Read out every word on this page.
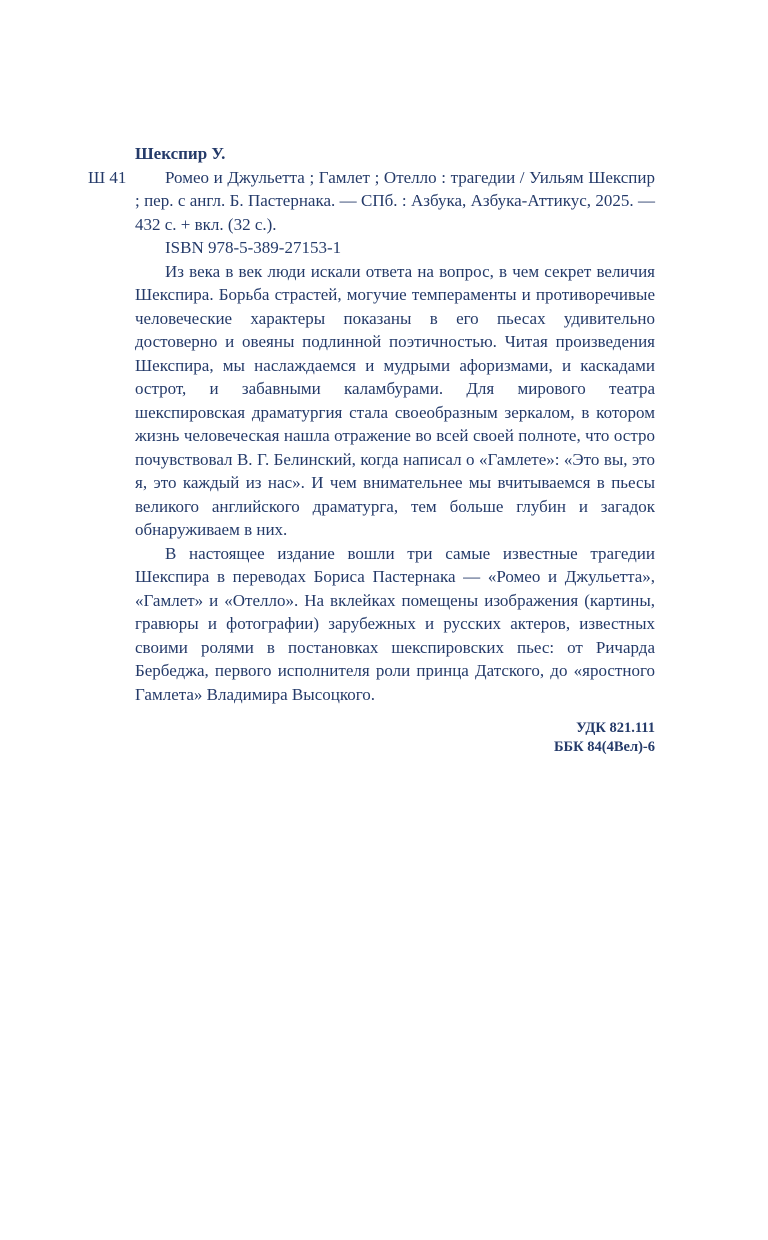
Шекспир У.

Ш 41	Ромео и Джульетта ; Гамлет ; Отелло : трагедии / Уильям Шекспир ; пер. с англ. Б. Пастернака. — СПб. : Азбука, Азбука-Аттикус, 2025. — 432 с. + вкл. (32 с.).

ISBN 978-5-389-27153-1

Из века в век люди искали ответа на вопрос, в чем секрет величия Шекспира. Борьба страстей, могучие темпераменты и противоречивые человеческие характеры показаны в его пьесах удивительно достоверно и овеяны подлинной поэтичностью. Читая произведения Шекспира, мы наслаждаемся и мудрыми афоризмами, и каскадами острот, и забавными каламбурами. Для мирового театра шекспировская драматургия стала своеобразным зеркалом, в котором жизнь человеческая нашла отражение во всей своей полноте, что остро почувствовал В. Г. Белинский, когда написал о «Гамлете»: «Это вы, это я, это каждый из нас». И чем внимательнее мы вчитываемся в пьесы великого английского драматурга, тем больше глубин и загадок обнаруживаем в них.

В настоящее издание вошли три самые известные трагедии Шекспира в переводах Бориса Пастернака — «Ромео и Джульетта», «Гамлет» и «Отелло». На вклейках помещены изображения (картины, гравюры и фотографии) зарубежных и русских актеров, известных своими ролями в постановках шекспировских пьес: от Ричарда Бербеджа, первого исполнителя роли принца Датского, до «яростного Гамлета» Владимира Высоцкого.

УДК 821.111

ББК 84(4Вел)-6
